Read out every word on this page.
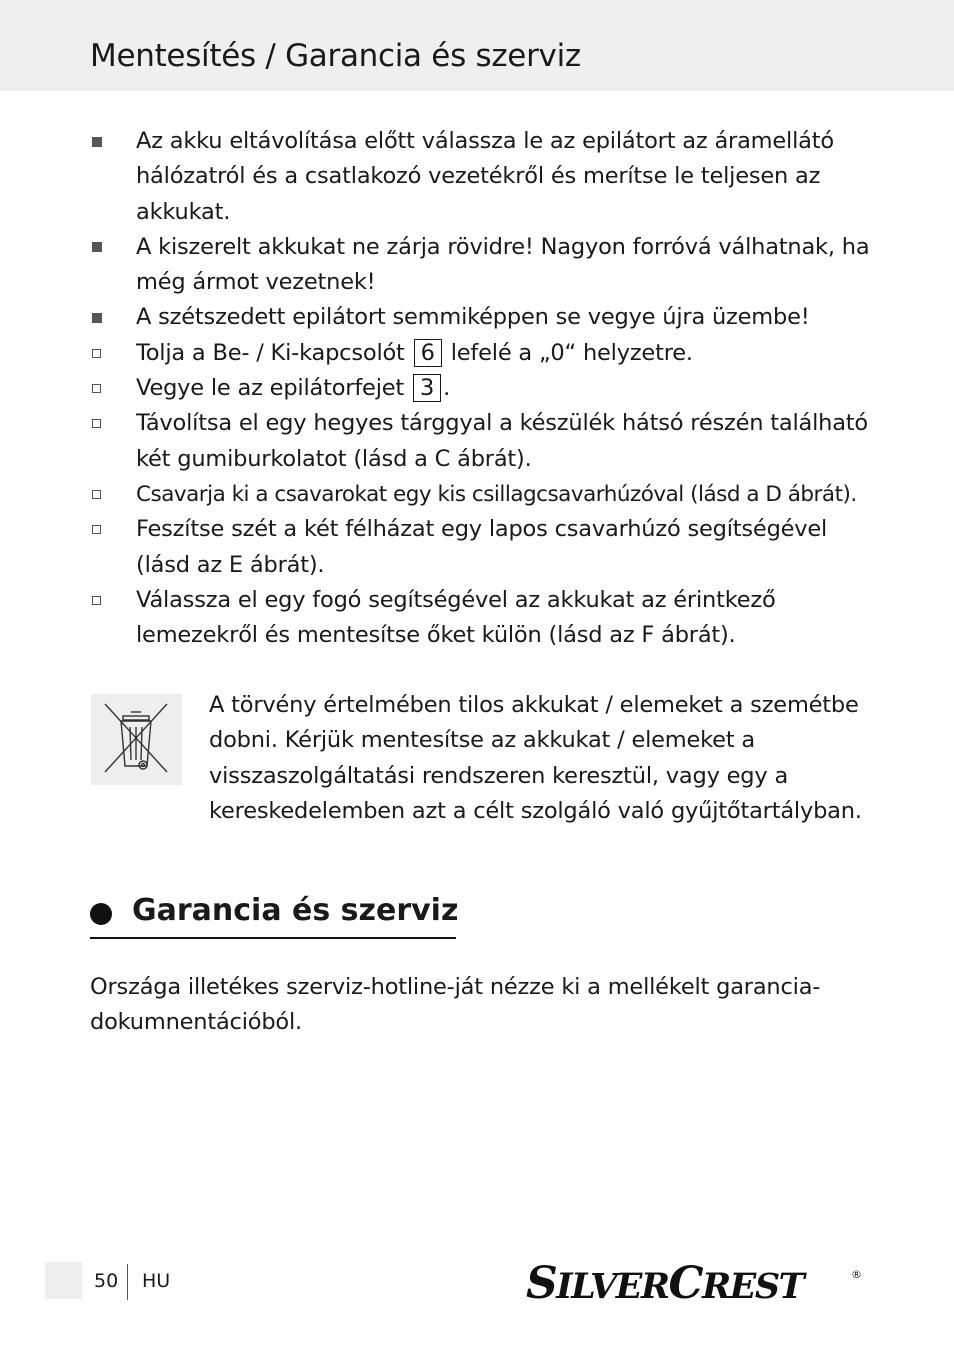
Mentesítés / Garancia és szerviz
Az akku eltávolítása előtt válassza le az epilátort az áramellátó hálózatról és a csatlakozó vezetékről és merítse le teljesen az akkukat.
A kiszerelt akkukat ne zárja rövidre! Nagyon forróvá válhatnak, ha még ármot vezetnek!
A szétszedett epilátort semmiképpen se vegye újra üzembe!
Tolja a Be- / Ki-kapcsolót 6 lefelé a „0“ helyzetre.
Vegye le az epilátorfejet 3 .
Távolítsa el egy hegyes tárggyal a készülék hátsó részén található két gumiburkolatot (lásd a C ábrát).
Csavarja ki a csavarokat egy kis csillagcsavarhúzóval (lásd a D ábrát).
Feszítse szét a két félházat egy lapos csavarhúzó segítségével (lásd az E ábrát).
Válassza el egy fogó segítségével az akkukat az érintkező lemezekről és mentesítse őket külön (lásd az F ábrát).
A törvény értelmében tilos akkukat / elemeket a szemétbe dobni. Kérjük mentesítse az akkukat / elemeket a visszaszolgáltatási rendszeren keresztül, vagy egy a kereskedelemben azt a célt szolgáló való gyűjtőtartályban.
Garancia és szerviz
Országa illetékes szerviz-hotline-ját nézze ki a mellékelt garancia-dokumnentációból.
50 HU	SILVERCREST	®
